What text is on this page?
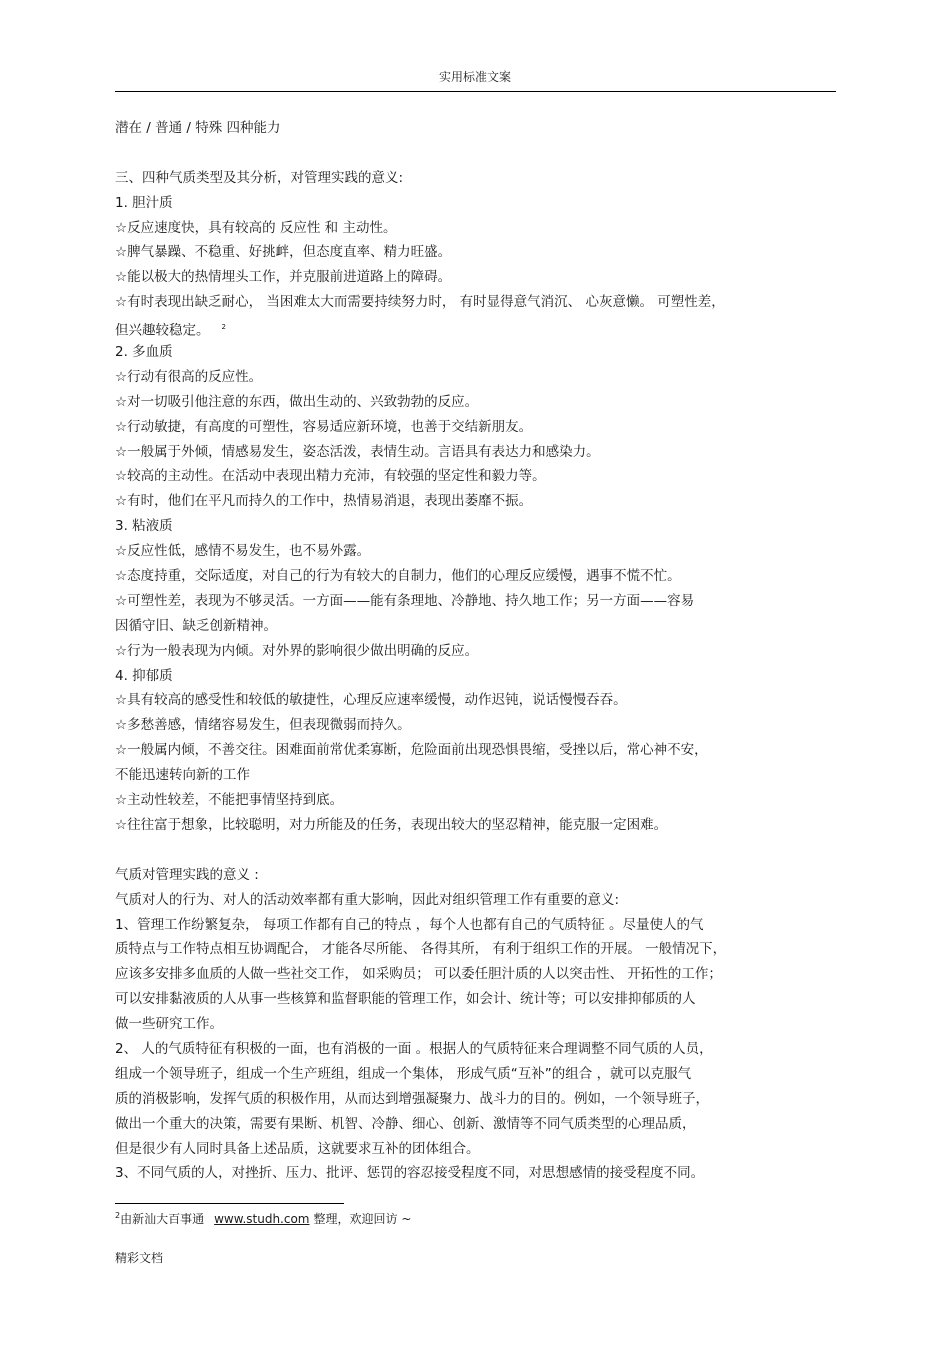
实用标准文案
潜在 / 普通 / 特殊 四种能力
三、四种气质类型及其分析，对管理实践的意义:
1. 胆汁质
☆反应速度快，具有较高的 反应性 和 主动性。
☆脾气暴躁、不稳重、好挑衅，但态度直率、精力旺盛。
☆能以极大的热情埋头工作，并克服前进道路上的障碍。
☆有时表现出缺乏耐心， 当困难太大而需要持续努力时， 有时显得意气消沉、 心灰意懒。 可塑性差，
但兴趣较稳定。 $^2$
2. 多血质
☆行动有很高的反应性。
☆对一切吸引他注意的东西，做出生动的、兴致勃勃的反应。
☆行动敏捷，有高度的可塑性，容易适应新环境，也善于交结新朋友。
☆一般属于外倾，情感易发生，姿态活泼，表情生动。言语具有表达力和感染力。
☆较高的主动性。在活动中表现出精力充沛，有较强的坚定性和毅力等。
☆有时，他们在平凡而持久的工作中，热情易消退，表现出萎靡不振。
3. 粘液质
☆反应性低，感情不易发生，也不易外露。
☆态度持重，交际适度，对自己的行为有较大的自制力，他们的心理反应缓慢，遇事不慌不忙。
☆可塑性差，表现为不够灵活。一方面——能有条理地、冷静地、持久地工作；另一方面——容易
因循守旧、缺乏创新精神。
☆行为一般表现为内倾。对外界的影响很少做出明确的反应。
4. 抑郁质
☆具有较高的感受性和较低的敏捷性，心理反应速率缓慢，动作迟钝，说话慢慢吞吞。
☆多愁善感，情绪容易发生，但表现微弱而持久。
☆一般属内倾，不善交往。困难面前常优柔寡断，危险面前出现恐惧畏缩，受挫以后，常心神不安，
不能迅速转向新的工作
☆主动性较差，不能把事情坚持到底。
☆往往富于想象，比较聪明，对力所能及的任务，表现出较大的坚忍精神，能克服一定困难。
气质对管理实践的意义 :
气质对人的行为、对人的活动效率都有重大影响，因此对组织管理工作有重要的意义:
1、管理工作纷繁复杂， 每项工作都有自己的特点 ，每个人也都有自己的气质特征 。尽量使人的气
质特点与工作特点相互协调配合， 才能各尽所能、 各得其所， 有利于组织工作的开展。 一般情况下，
应该多安排多血质的人做一些社交工作， 如采购员； 可以委任胆汁质的人以突击性、 开拓性的工作；
可以安排黏液质的人从事一些核算和监督职能的管理工作，如会计、统计等；可以安排抑郁质的人
做一些研究工作。
2、 人的气质特征有积极的一面，也有消极的一面 。根据人的气质特征来合理调整不同气质的人员，
组成一个领导班子，组成一个生产班组，组成一个集体， 形成气质“互补”的组合 ，就可以克服气
质的消极影响，发挥气质的积极作用，从而达到增强凝聚力、战斗力的目的。例如，一个领导班子，
做出一个重大的决策，需要有果断、机智、冷静、细心、创新、激情等不同气质类型的心理品质，
但是很少有人同时具备上述品质，这就要求互补的团体组合。
3、不同气质的人，对挫折、压力、批评、惩罚的容忍接受程度不同，对思想感情的接受程度不同。
$^2$由新汕大百事通 www.studh.com 整理，欢迎回访 ~
精彩文档
